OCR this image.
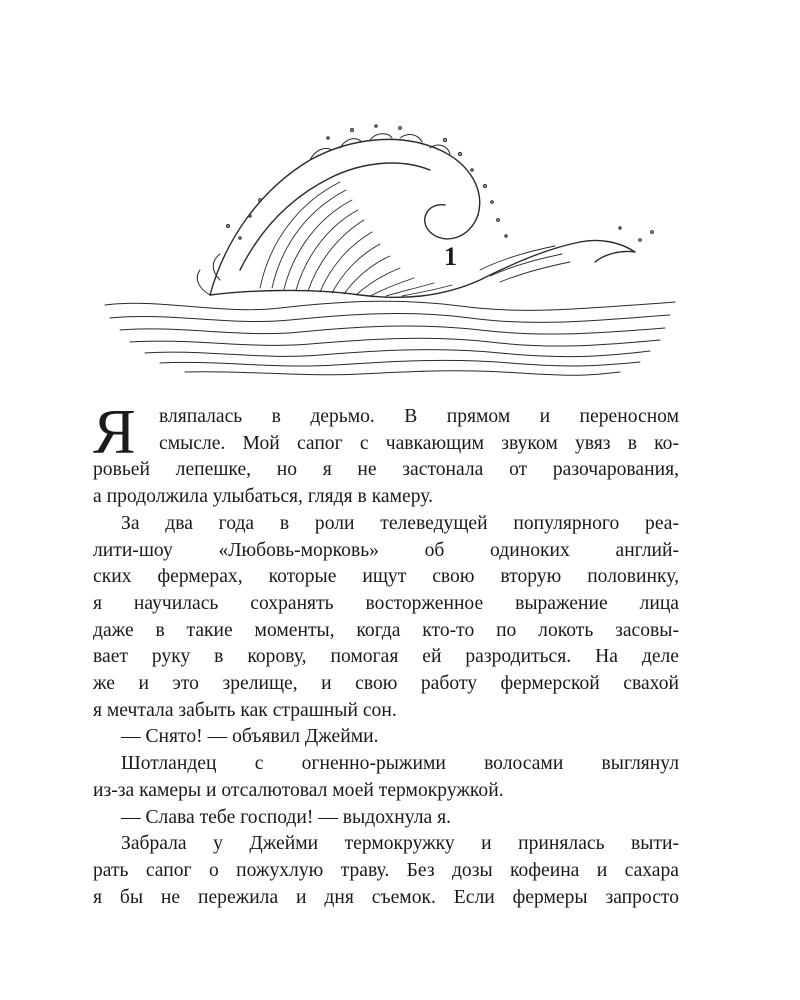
1
Я	вляпалась в дерьмо. В прямом и переносном

смысле. Мой сапог с чавкающим звуком увяз в ко-

ровьей лепешке, но я не застонала от разочарования,

а продолжила улыбаться, глядя в камеру.

За два года в роли телеведущей популярного реа-

лити-шоу «Любовь-морковь» об одиноких англий-

ских фермерах, которые ищут свою вторую половинку,

я научилась сохранять восторженное выражение лица

даже в такие моменты, когда кто-то по локоть засовы-

вает руку в корову, помогая ей разродиться. На деле

же и это зрелище, и свою работу фермерской свахой

я мечтала забыть как страшный сон.

— Снято! — объявил Джейми.

Шотландец с огненно-рыжими волосами выглянул

из-за камеры и отсалютовал моей термокружкой.

— Слава тебе господи! — выдохнула я.

Забрала у Джейми термокружку и принялась выти-

рать сапог о пожухлую траву. Без дозы кофеина и сахара

я бы не пережила и дня съемок. Если фермеры запросто
